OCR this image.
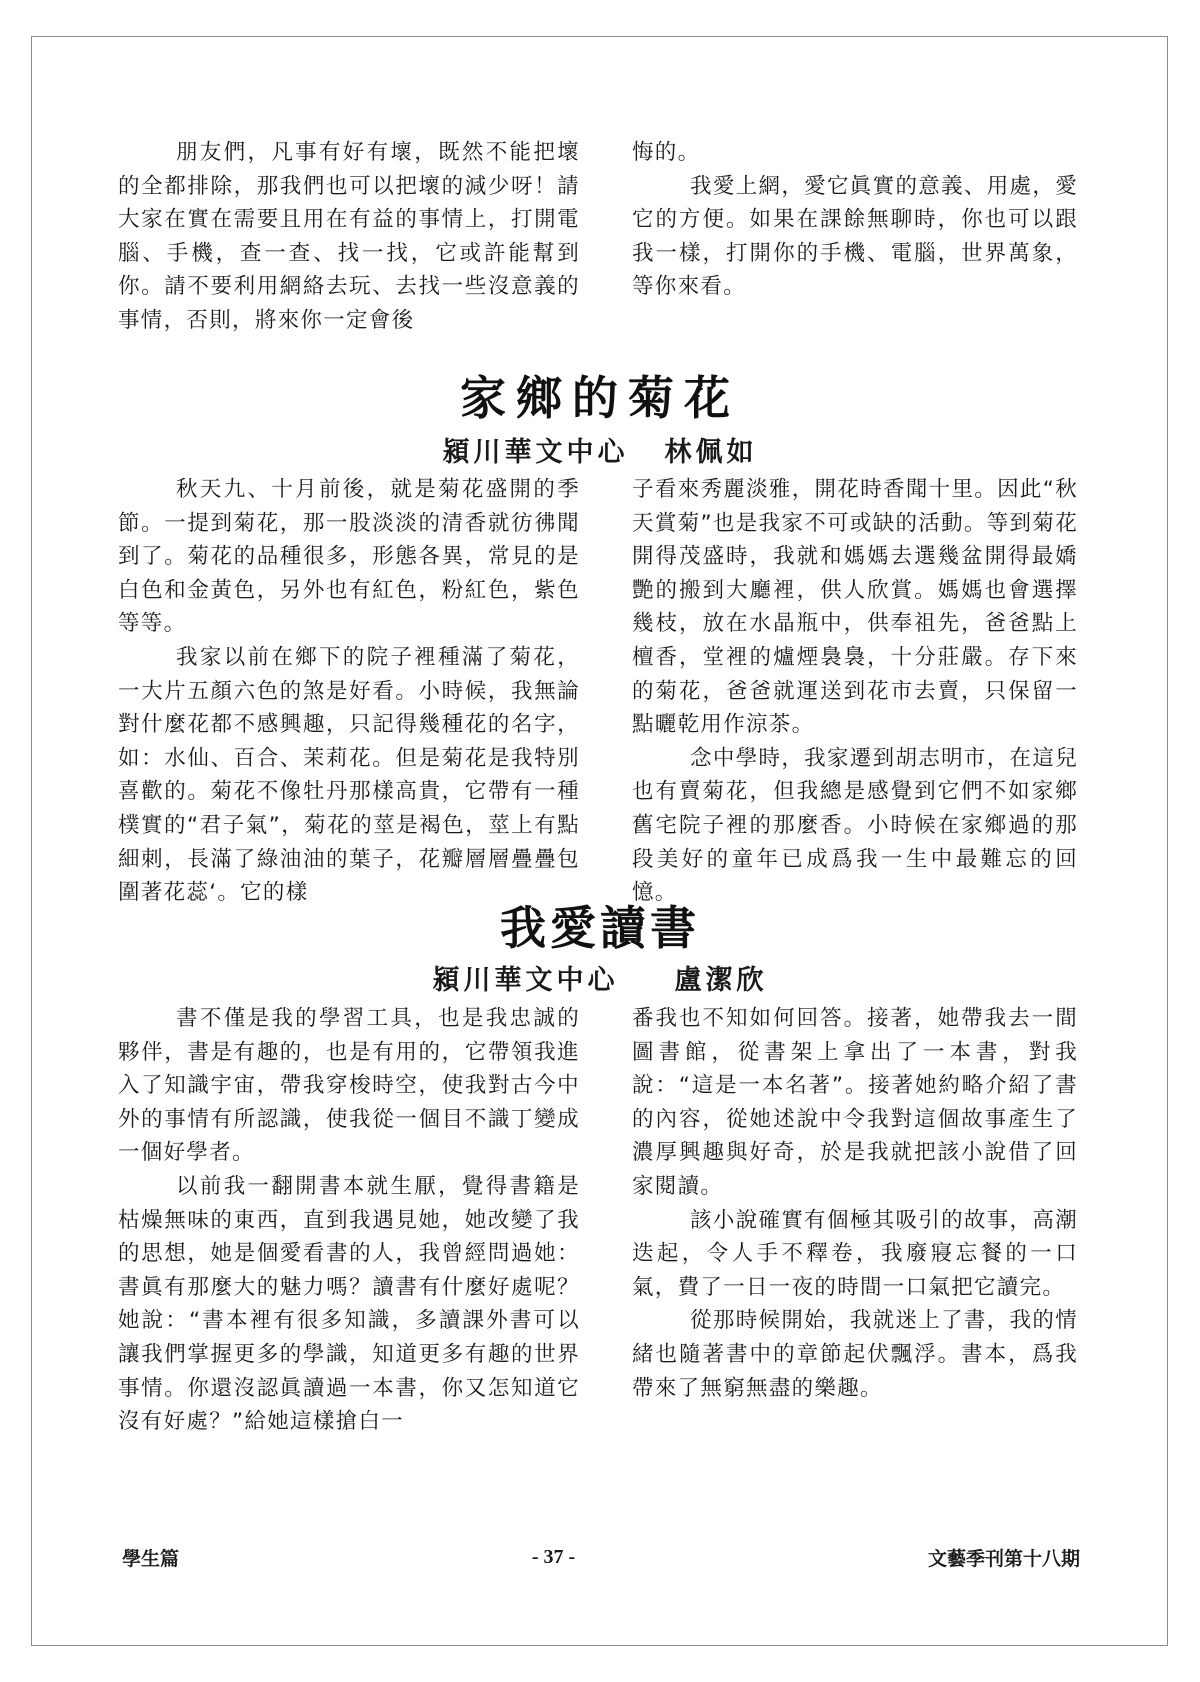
朋友們，凡事有好有壞，既然不能把壞的全都排除，那我們也可以把壞的減少呀！請大家在實在需要且用在有益的事情上，打開電腦、手機，查一查、找一找，它或許能幫到你。請不要利用網絡去玩、去找一些沒意義的事情，否則，將來你一定會後

悔的。

我愛上網，愛它眞實的意義、用處，愛它的方便。如果在課餘無聊時，你也可以跟我一樣，打開你的手機、電腦，世界萬象，等你來看。

家鄉的菊花
潁川華文中心 林佩如

秋天九、十月前後，就是菊花盛開的季節。一提到菊花，那一股淡淡的清香就彷彿聞到了。菊花的品種很多，形態各異，常見的是白色和金黃色，另外也有紅色，粉紅色，紫色等等。

我家以前在鄉下的院子裡種滿了菊花，一大片五顏六色的煞是好看。小時候，我無論對什麼花都不感興趣，只記得幾種花的名字，如：水仙、百合、茉莉花。但是菊花是我特別喜歡的。菊花不像牡丹那樣高貴，它帶有一種樸實的“君子氣”，菊花的莖是褐色，莖上有點細刺，長滿了綠油油的葉子，花瓣層層疊疊包圍著花蕊‘。它的樣

子看來秀麗淡雅，開花時香聞十里。因此“秋天賞菊”也是我家不可或缺的活動。等到菊花開得茂盛時，我就和媽媽去選幾盆開得最嬌艷的搬到大廳裡，供人欣賞。媽媽也會選擇幾枝，放在水晶瓶中，供奉祖先，爸爸點上檀香，堂裡的爐煙裊裊，十分莊嚴。存下來的菊花，爸爸就運送到花市去賣，只保留一點曬乾用作涼茶。

念中學時，我家遷到胡志明市，在這兒也有賣菊花，但我總是感覺到它們不如家鄉舊宅院子裡的那麼香。小時候在家鄉過的那段美好的童年已成爲我一生中最難忘的回憶。

我愛讀書
潁川華文中心 盧潔欣

書不僅是我的學習工具，也是我忠誠的夥伴，書是有趣的，也是有用的，它帶領我進入了知識宇宙，帶我穿梭時空，使我對古今中外的事情有所認識，使我從一個目不識丁變成一個好學者。

以前我一翻開書本就生厭，覺得書籍是枯燥無味的東西，直到我遇見她，她改變了我的思想，她是個愛看書的人，我曾經問過她：書眞有那麼大的魅力嗎？讀書有什麼好處呢？她說：“書本裡有很多知識，多讀課外書可以讓我們掌握更多的學識，知道更多有趣的世界事情。你還沒認眞讀過一本書，你又怎知道它沒有好處？”給她這樣搶白一

番我也不知如何回答。接著，她帶我去一間圖書館，從書架上拿出了一本書，對我說：“這是一本名著”。接著她約略介紹了書的內容，從她述說中令我對這個故事產生了濃厚興趣與好奇，於是我就把該小說借了回家閱讀。

該小說確實有個極其吸引的故事，高潮迭起，令人手不釋卷，我廢寢忘餐的一口氣，費了一日一夜的時間一口氣把它讀完。

從那時候開始，我就迷上了書，我的情緒也隨著書中的章節起伏飄浮。書本，爲我帶來了無窮無盡的樂趣。

學生篇	- 37 -	文藝季刊第十八期
